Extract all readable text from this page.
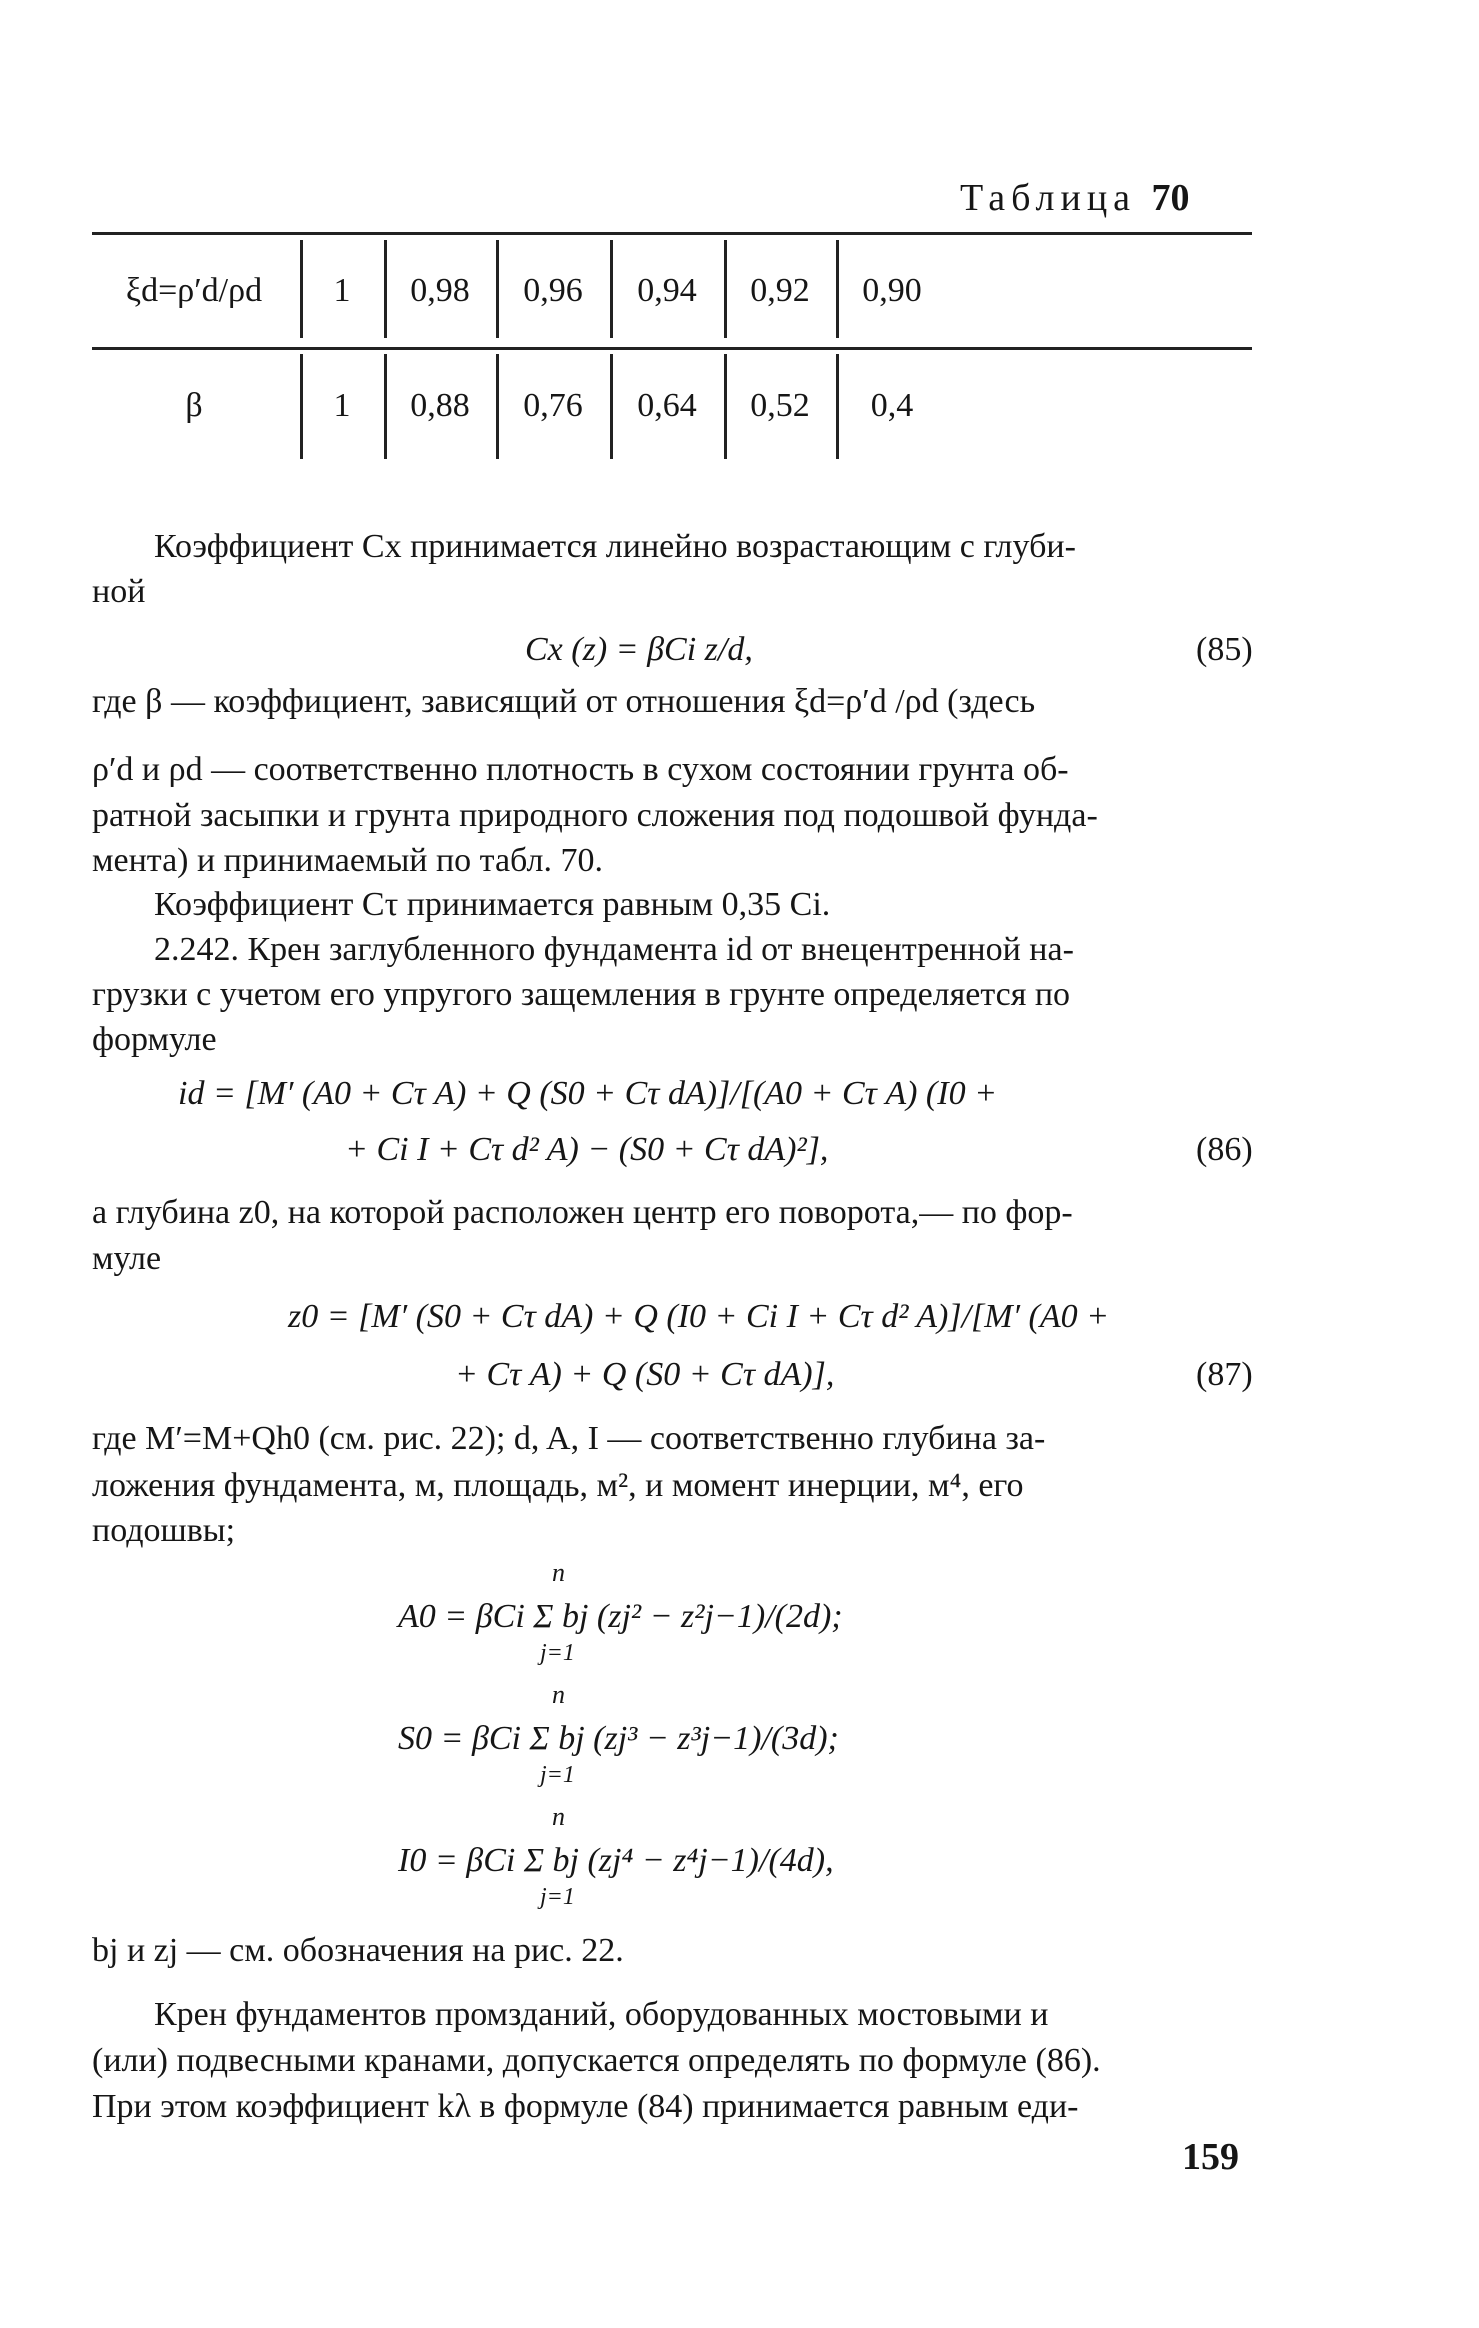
Таблица 70
ξd=ρ′d/ρd	1	0,98	0,96	0,94	0,92	0,90
β	1	0,88	0,76	0,64	0,52	0,4
Коэффициент Cx принимается линейно возрастающим с глуби-
ной
Cx (z) = βCi z/d,	(85)
где β — коэффициент, зависящий от отношения ξd=ρ′d /ρd (здесь
ρ′d и ρd — соответственно плотность в сухом состоянии грунта об-
ратной засыпки и грунта природного сложения под подошвой фунда-
мента) и принимаемый по табл. 70.
Коэффициент Cτ принимается равным 0,35 Ci.
2.242. Крен заглубленного фундамента id от внецентренной на-
грузки с учетом его упругого защемления в грунте определяется по
формуле
id = [M′ (A0 + Cτ A) + Q (S0 + Cτ dA)]/[(A0 + Cτ A) (I0 +
+ Ci I + Cτ d² A) − (S0 + Cτ dA)²],	(86)
а глубина z0, на которой расположен центр его поворота,— по фор-
муле
z0 = [M′ (S0 + Cτ dA) + Q (I0 + Ci I + Cτ d² A)]/[M′ (A0 +
+ Cτ A) + Q (S0 + Cτ dA)],	(87)
где M′=M+Qh0 (см. рис. 22); d, A, I — соответственно глубина за-
ложения фундамента, м, площадь, м², и момент инерции, м⁴, его
подошвы;
n
A0 = βCi Σ bj (zj² − z²j−1)/(2d);
j=1
n
S0 = βCi Σ bj (zj³ − z³j−1)/(3d);
j=1
n
I0 = βCi Σ bj (zj⁴ − z⁴j−1)/(4d),
j=1
bj и zj — см. обозначения на рис. 22.
Крен фундаментов промзданий, оборудованных мостовыми и
(или) подвесными кранами, допускается определять по формуле (86).
При этом коэффициент kλ в формуле (84) принимается равным еди-
159
